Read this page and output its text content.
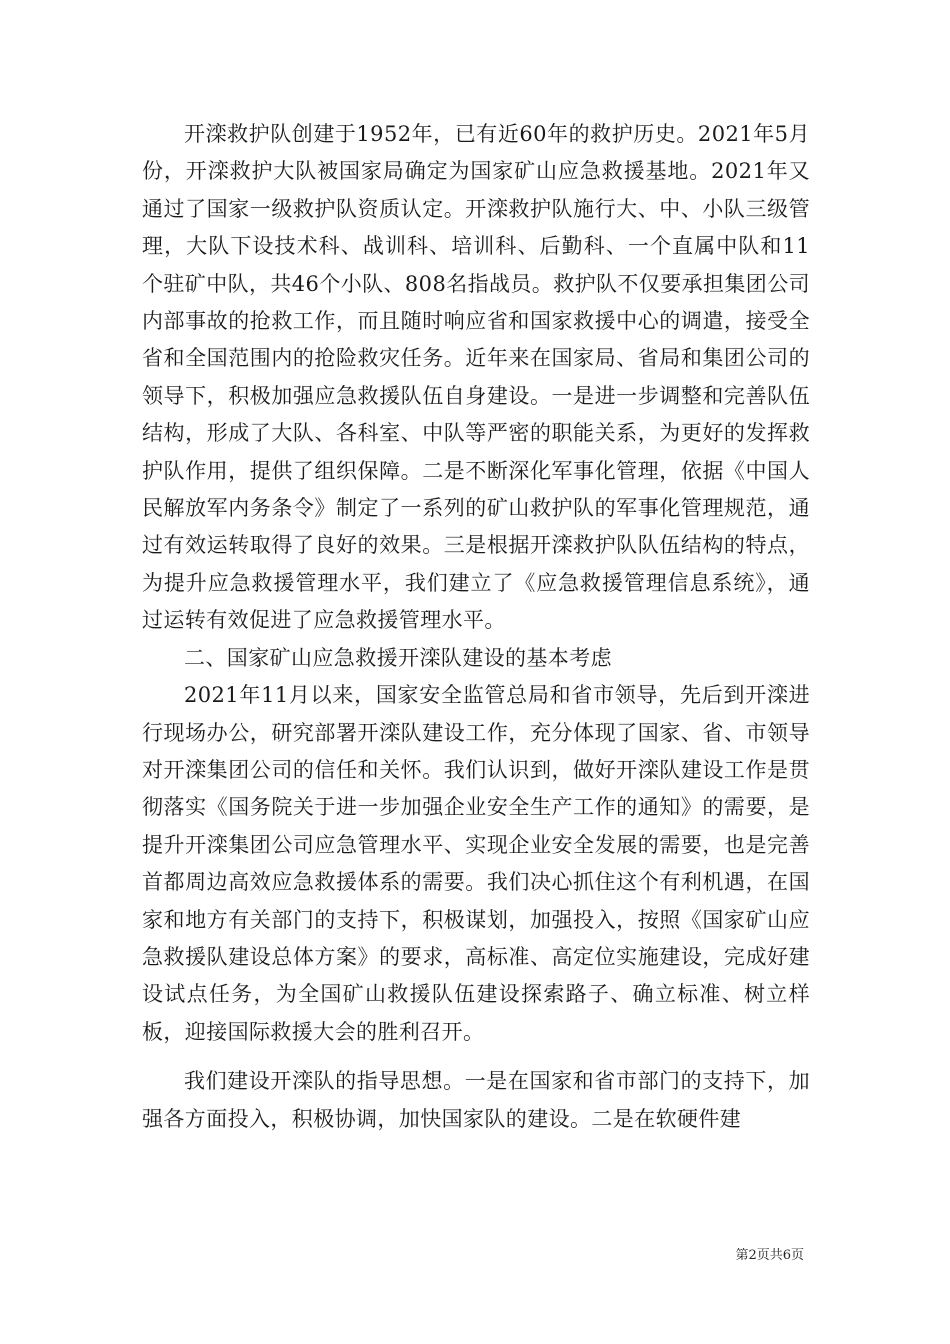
开滦救护队创建于1952年，已有近60年的救护历史。2021年5月份，开滦救护大队被国家局确定为国家矿山应急救援基地。2021年又通过了国家一级救护队资质认定。开滦救护队施行大、中、小队三级管理，大队下设技术科、战训科、培训科、后勤科、一个直属中队和11个驻矿中队，共46个小队、808名指战员。救护队不仅要承担集团公司内部事故的抢救工作，而且随时响应省和国家救援中心的调遣，接受全省和全国范围内的抢险救灾任务。近年来在国家局、省局和集团公司的领导下，积极加强应急救援队伍自身建设。一是进一步调整和完善队伍结构，形成了大队、各科室、中队等严密的职能关系，为更好的发挥救护队作用，提供了组织保障。二是不断深化军事化管理，依据《中国人民解放军内务条令》制定了一系列的矿山救护队的军事化管理规范，通过有效运转取得了良好的效果。三是根据开滦救护队队伍结构的特点，为提升应急救援管理水平，我们建立了《应急救援管理信息系统》，通过运转有效促进了应急救援管理水平。

二、国家矿山应急救援开滦队建设的基本考虑

2021年11月以来，国家安全监管总局和省市领导，先后到开滦进行现场办公，研究部署开滦队建设工作，充分体现了国家、省、市领导对开滦集团公司的信任和关怀。我们认识到，做好开滦队建设工作是贯彻落实《国务院关于进一步加强企业安全生产工作的通知》的需要，是提升开滦集团公司应急管理水平、实现企业安全发展的需要，也是完善首都周边高效应急救援体系的需要。我们决心抓住这个有利机遇，在国家和地方有关部门的支持下，积极谋划，加强投入，按照《国家矿山应急救援队建设总体方案》的要求，高标准、高定位实施建设，完成好建设试点任务，为全国矿山救援队伍建设探索路子、确立标准、树立样板，迎接国际救援大会的胜利召开。

我们建设开滦队的指导思想。一是在国家和省市部门的支持下，加强各方面投入，积极协调，加快国家队的建设。二是在软硬件建

第2页共6页
